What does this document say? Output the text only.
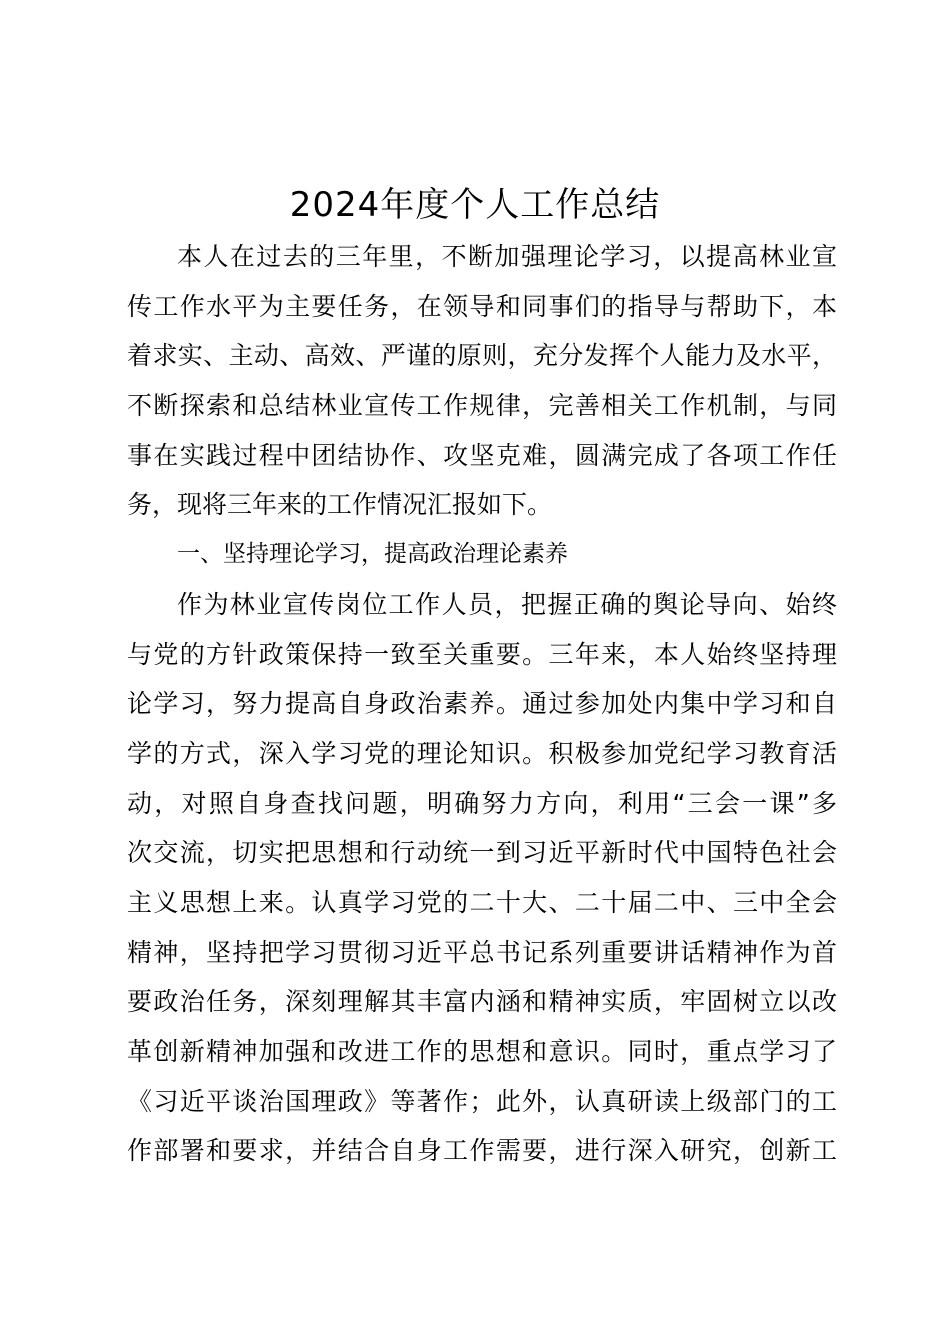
2024年度个人工作总结
本人在过去的三年里，不断加强理论学习，以提高林业宣
传工作水平为主要任务，在领导和同事们的指导与帮助下，本
着求实、主动、高效、严谨的原则，充分发挥个人能力及水平，
不断探索和总结林业宣传工作规律，完善相关工作机制，与同
事在实践过程中团结协作、攻坚克难，圆满完成了各项工作任
务，现将三年来的工作情况汇报如下。
一、坚持理论学习，提高政治理论素养
作为林业宣传岗位工作人员，把握正确的舆论导向、始终
与党的方针政策保持一致至关重要。三年来，本人始终坚持理
论学习，努力提高自身政治素养。通过参加处内集中学习和自
学的方式，深入学习党的理论知识。积极参加党纪学习教育活
动，对照自身查找问题，明确努力方向，利用“三会一课”多
次交流，切实把思想和行动统一到习近平新时代中国特色社会
主义思想上来。认真学习党的二十大、二十届二中、三中全会
精神，坚持把学习贯彻习近平总书记系列重要讲话精神作为首
要政治任务，深刻理解其丰富内涵和精神实质，牢固树立以改
革创新精神加强和改进工作的思想和意识。同时，重点学习了
《习近平谈治国理政》等著作；此外，认真研读上级部门的工
作部署和要求，并结合自身工作需要，进行深入研究，创新工
